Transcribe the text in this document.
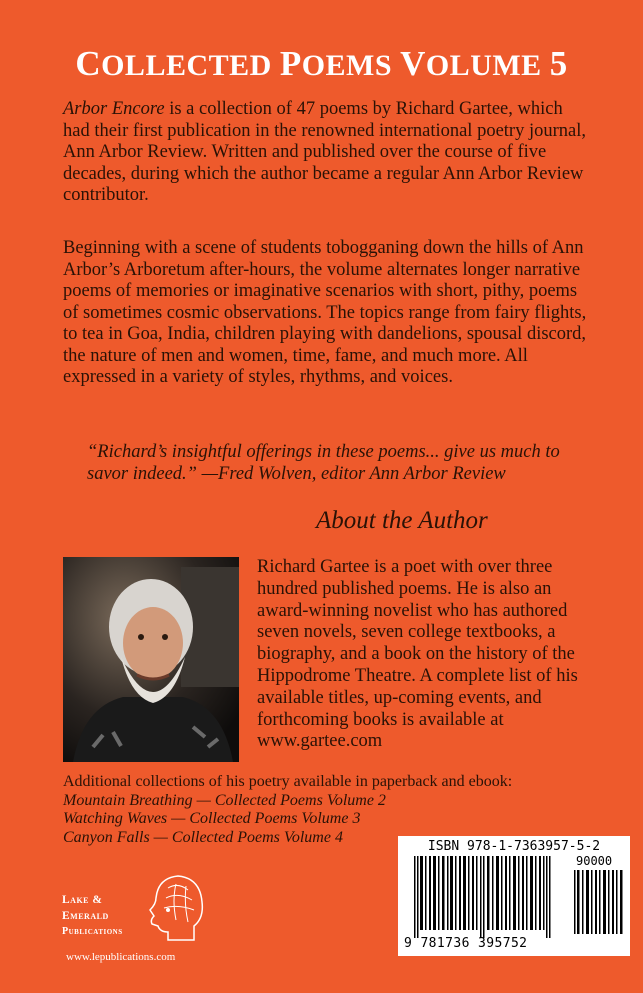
COLLECTED POEMS VOLUME 5

Arbor Encore is a collection of 47 poems by Richard Gartee, which had their first publication in the renowned international poetry journal, Ann Arbor Review. Written and published over the course of five decades, during which the author became a regular Ann Arbor Review contributor.

Beginning with a scene of students tobogganing down the hills of Ann Arbor’s Arboretum after-hours, the volume alternates longer narrative poems of memories or imaginative scenarios with short, pithy, poems of sometimes cosmic observations. The topics range from fairy flights, to tea in Goa, India, children playing with dandelions, spousal discord, the nature of men and women, time, fame, and much more. All expressed in a variety of styles, rhythms, and voices.

“Richard’s insightful offerings in these poems... give us much to savor indeed.” —Fred Wolven, editor Ann Arbor Review

About the Author

Richard Gartee is a poet with over three hundred published poems. He is also an award-winning novelist who has authored seven novels, seven college textbooks, a biography, and a book on the history of the Hippodrome Theatre. A complete list of his available titles, up-coming events, and forthcoming books is available at www.gartee.com

Additional collections of his poetry available in paperback and ebook:
Mountain Breathing — Collected Poems Volume 2
Watching Waves — Collected Poems Volume 3
Canyon Falls — Collected Poems Volume 4
Lake &
Emerald
Publications
www.lepublications.com
ISBN 978-1-7363957-5-2
90000
9 781736 395752
